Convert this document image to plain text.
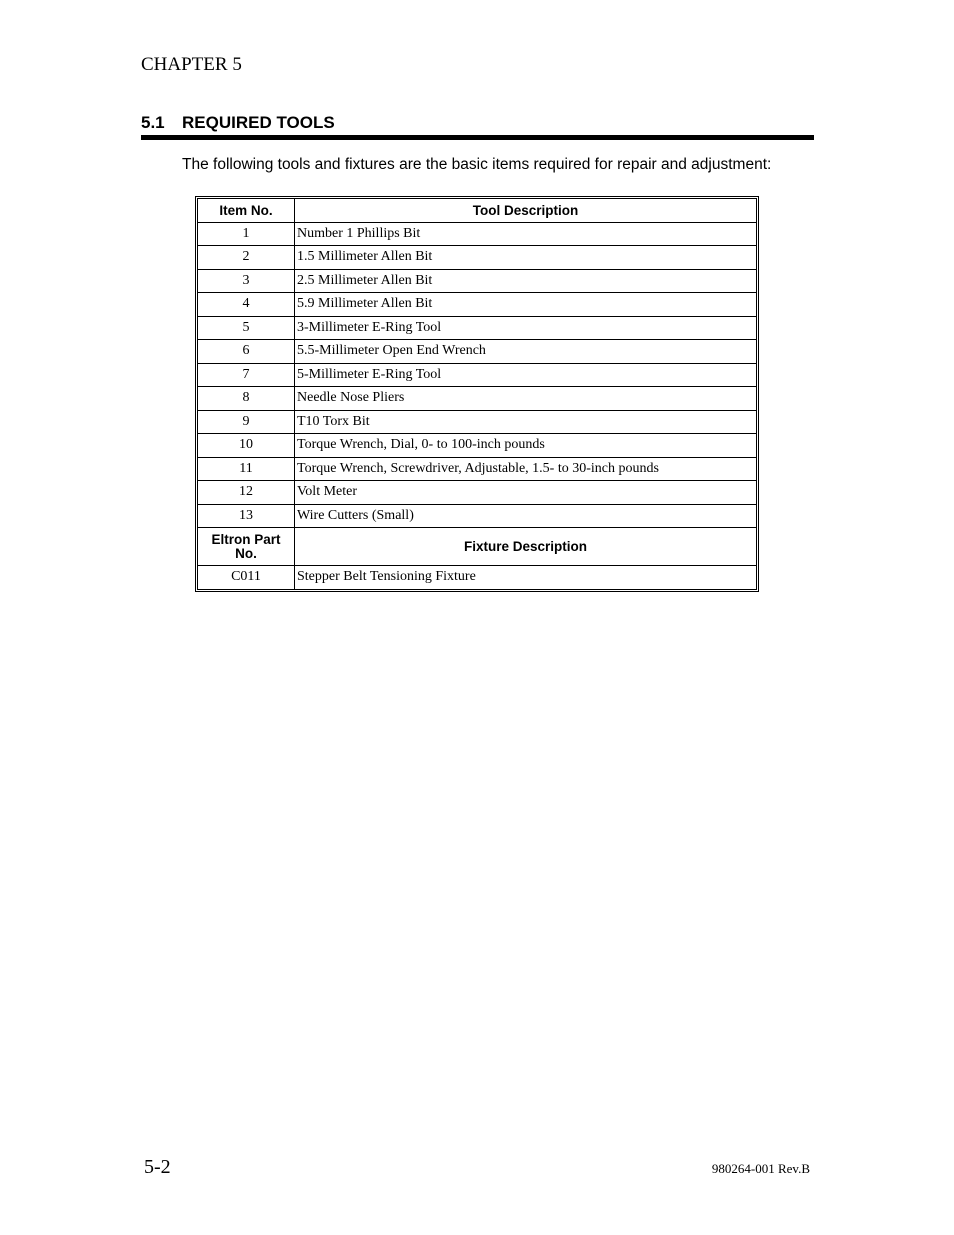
CHAPTER 5
5.1 REQUIRED TOOLS
The following tools and fixtures are the basic items required for repair and adjustment:
Item No.	Tool Description
1	Number 1 Phillips Bit
2	1.5 Millimeter Allen Bit
3	2.5 Millimeter Allen Bit
4	5.9 Millimeter Allen Bit
5	3-Millimeter E-Ring Tool
6	5.5-Millimeter Open End Wrench
7	5-Millimeter E-Ring Tool
8	Needle Nose Pliers
9	T10 Torx Bit
10	Torque Wrench, Dial, 0- to 100-inch pounds
11	Torque Wrench, Screwdriver, Adjustable, 1.5- to 30-inch pounds
12	Volt Meter
13	Wire Cutters (Small)
Eltron Part No.	Fixture Description
C011	Stepper Belt Tensioning Fixture
5-2	980264-001 Rev.B
